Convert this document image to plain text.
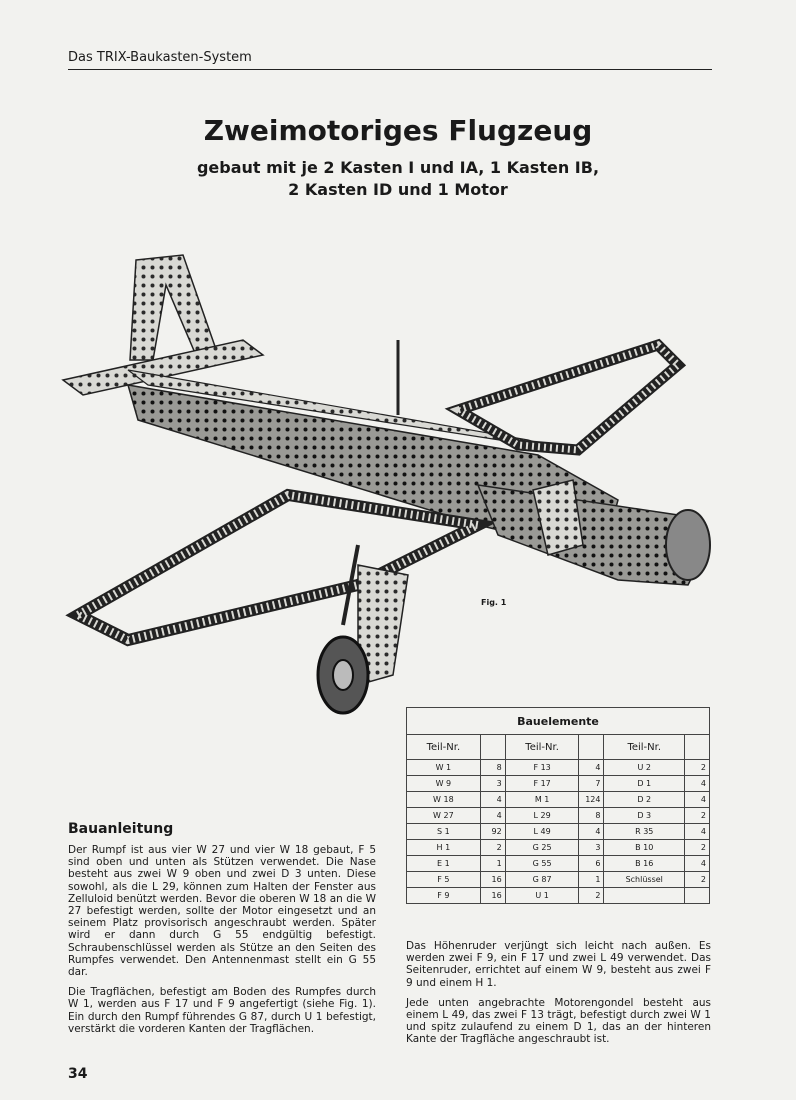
Das TRIX-Baukasten-System
Zweimotoriges Flugzeug
gebaut mit je 2 Kasten I und IA, 1 Kasten IB,
2 Kasten ID und 1 Motor
Fig. 1
Bauelemente					
Teil-Nr.		Teil-Nr.		Teil-Nr.	
W 1	8	F 13	4	U 2	2
W 9	3	F 17	7	D 1	4
W 18	4	M 1	124	D 2	4
W 27	4	L 29	8	D 3	2
S 1	92	L 49	4	R 35	4
H 1	2	G 25	3	B 10	2
E 1	1	G 55	6	B 16	4
F 5	16	G 87	1	Schlüssel	2
F 9	16	U 1	2		
Bauanleitung

Der Rumpf ist aus vier W 27 und vier W 18 gebaut, F 5 sind oben und unten als Stützen verwendet. Die Nase besteht aus zwei W 9 oben und zwei D 3 unten. Diese sowohl, als die L 29, können zum Halten der Fenster aus Zelluloid benützt werden. Bevor die oberen W 18 an die W 27 befestigt werden, sollte der Motor eingesetzt und an seinem Platz provisorisch angeschraubt werden. Später wird er dann durch G 55 endgültig befestigt. Schraubenschlüssel werden als Stütze an den Seiten des Rumpfes verwendet. Den Antennenmast stellt ein G 55 dar.

Die Tragflächen, befestigt am Boden des Rumpfes durch W 1, werden aus F 17 und F 9 angefertigt (siehe Fig. 1). Ein durch den Rumpf führendes G 87, durch U 1 befestigt, verstärkt die vorderen Kanten der Tragflächen.

Das Höhenruder verjüngt sich leicht nach außen. Es werden zwei F 9, ein F 17 und zwei L 49 verwendet. Das Seitenruder, errichtet auf einem W 9, besteht aus zwei F 9 und einem H 1.

Jede unten angebrachte Motorengondel besteht aus einem L 49, das zwei F 13 trägt, befestigt durch zwei W 1 und spitz zulaufend zu einem D 1, das an der hinteren Kante der Tragfläche angeschraubt ist.

34
